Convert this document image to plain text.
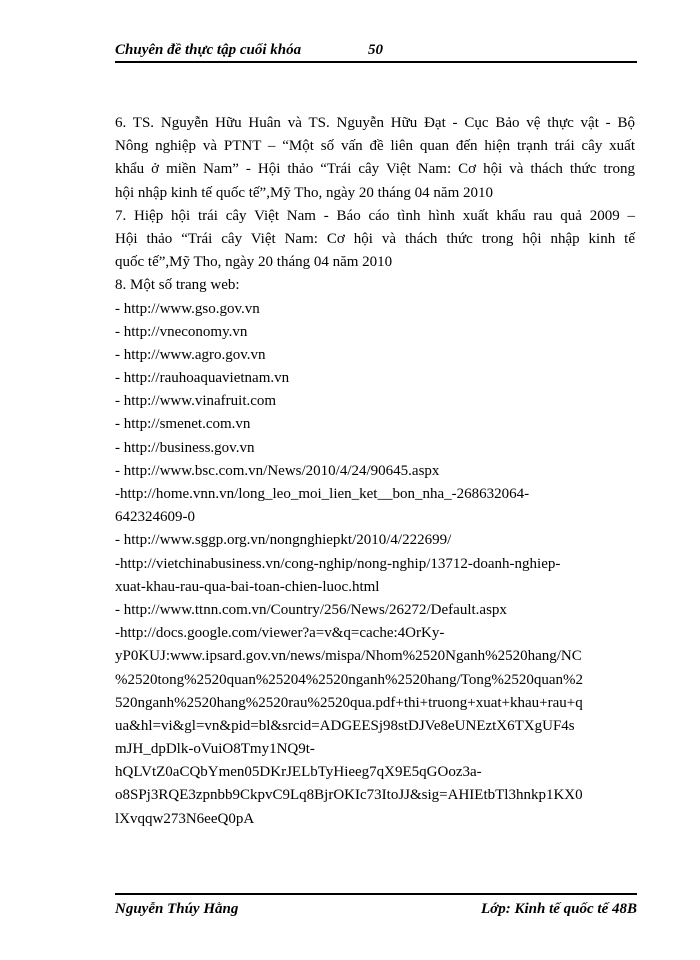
Chuyên đề thực tập cuối khóa	50
6. TS. Nguyễn Hữu Huân và TS. Nguyễn Hữu Đạt - Cục Bảo vệ thực vật - Bộ
Nông nghiệp và PTNT – “Một số vấn đề liên quan đến hiện trạnh trái cây xuất
khẩu ở miền Nam” - Hội thảo “Trái cây Việt Nam: Cơ hội và thách thức trong
hội nhập kinh tế quốc tế”,Mỹ Tho, ngày 20 tháng 04 năm 2010
7. Hiệp hội trái cây Việt Nam - Báo cáo tình hình xuất khẩu rau quả 2009 –
Hội thảo “Trái cây Việt Nam: Cơ hội và thách thức trong hội nhập kinh tế
quốc tế”,Mỹ Tho, ngày 20 tháng 04 năm 2010
8. Một số trang web:
- http://www.gso.gov.vn
- http://vneconomy.vn
- http://www.agro.gov.vn
- http://rauhoaquavietnam.vn
- http://www.vinafruit.com
- http://smenet.com.vn
- http://business.gov.vn
- http://www.bsc.com.vn/News/2010/4/24/90645.aspx
-http://home.vnn.vn/long_leo_moi_lien_ket__bon_nha_-268632064-
642324609-0
- http://www.sggp.org.vn/nongnghiepkt/2010/4/222699/
-http://vietchinabusiness.vn/cong-nghip/nong-nghip/13712-doanh-nghiep-
xuat-khau-rau-qua-bai-toan-chien-luoc.html
- http://www.ttnn.com.vn/Country/256/News/26272/Default.aspx
-http://docs.google.com/viewer?a=v&q=cache:4OrKy-
yP0KUJ:www.ipsard.gov.vn/news/mispa/Nhom%2520Nganh%2520hang/NC
%2520tong%2520quan%25204%2520nganh%2520hang/Tong%2520quan%2
520nganh%2520hang%2520rau%2520qua.pdf+thi+truong+xuat+khau+rau+q
ua&hl=vi&gl=vn&pid=bl&srcid=ADGEESj98stDJVe8eUNEztX6TXgUF4s
mJH_dpDlk-oVuiO8Tmy1NQ9t-
hQLVtZ0aCQbYmen05DKrJELbTyHieeg7qX9E5qGOoz3a-
o8SPj3RQE3zpnbb9CkpvC9Lq8BjrOKIc73ItoJJ&sig=AHIEtbTl3hnkp1KX0
lXvqqw273N6eeQ0pA
Nguyễn Thúy Hằng	Lớp: Kinh tế quốc tế 48B
